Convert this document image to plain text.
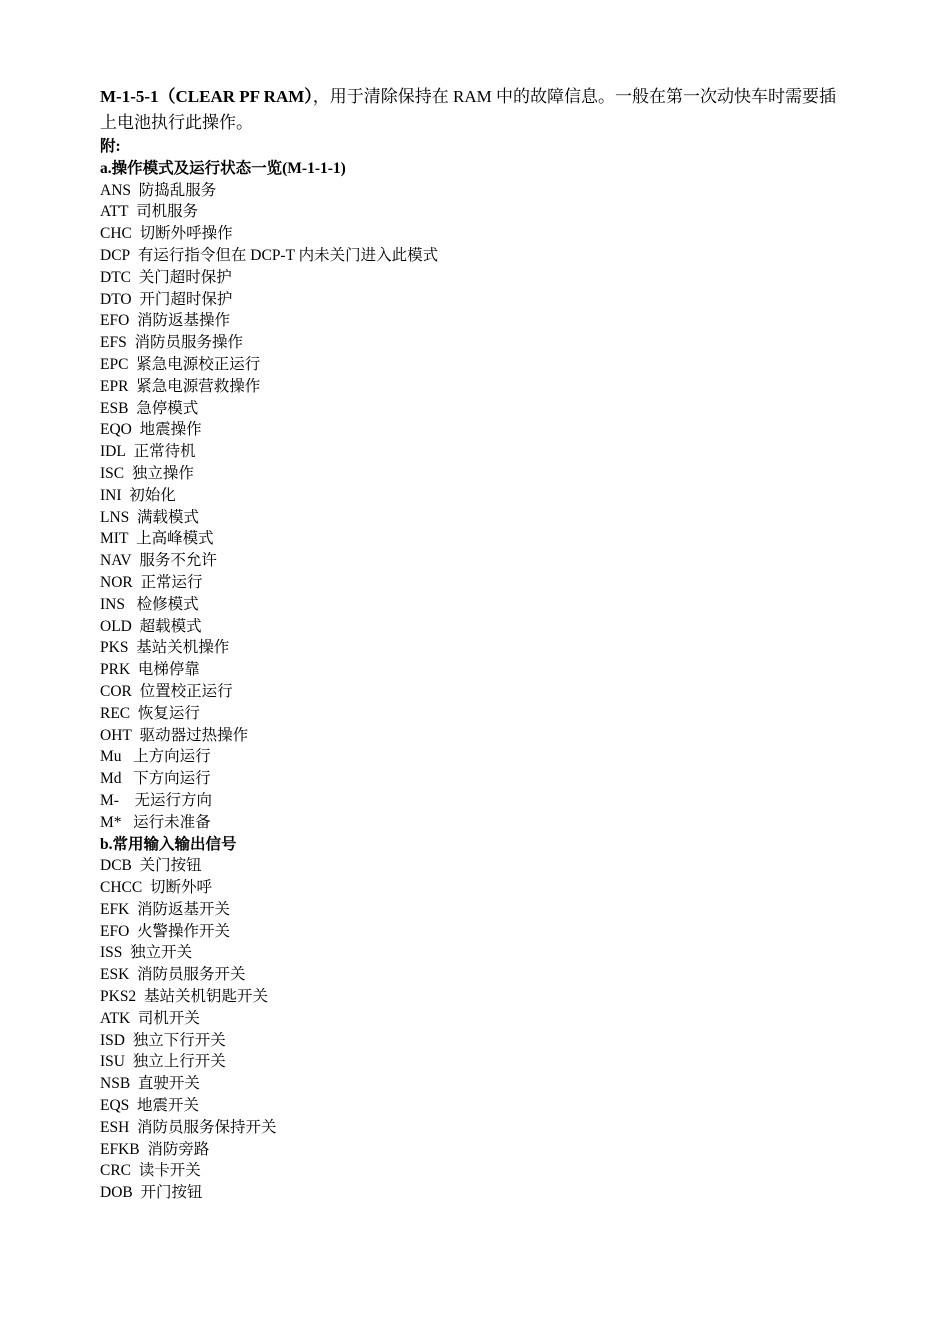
M-1-5-1（CLEAR PF RAM），用于清除保持在 RAM 中的故障信息。一般在第一次动快车时需要插上电池执行此操作。

附:
a.操作模式及运行状态一览(M-1-1-1)
ANS 防捣乱服务
ATT 司机服务
CHC 切断外呼操作
DCP 有运行指令但在 DCP-T 内未关门进入此模式
DTC 关门超时保护
DTO 开门超时保护
EFO 消防返基操作
EFS 消防员服务操作
EPC 紧急电源校正运行
EPR 紧急电源营救操作
ESB 急停模式
EQO 地震操作
IDL 正常待机
ISC 独立操作
INI 初始化
LNS 满载模式
MIT 上高峰模式
NAV 服务不允许
NOR 正常运行
INS   检修模式
OLD 超载模式
PKS 基站关机操作
PRK 电梯停靠
COR 位置校正运行
REC 恢复运行
OHT 驱动器过热操作
Mu   上方向运行
Md   下方向运行
M-    无运行方向
M*   运行未准备
b.常用输入输出信号
DCB 关门按钮
CHCC 切断外呼
EFK 消防返基开关
EFO 火警操作开关
ISS 独立开关
ESK 消防员服务开关
PKS2 基站关机钥匙开关
ATK 司机开关
ISD 独立下行开关
ISU 独立上行开关
NSB 直驶开关
EQS 地震开关
ESH 消防员服务保持开关
EFKB 消防旁路
CRC 读卡开关
DOB 开门按钮
